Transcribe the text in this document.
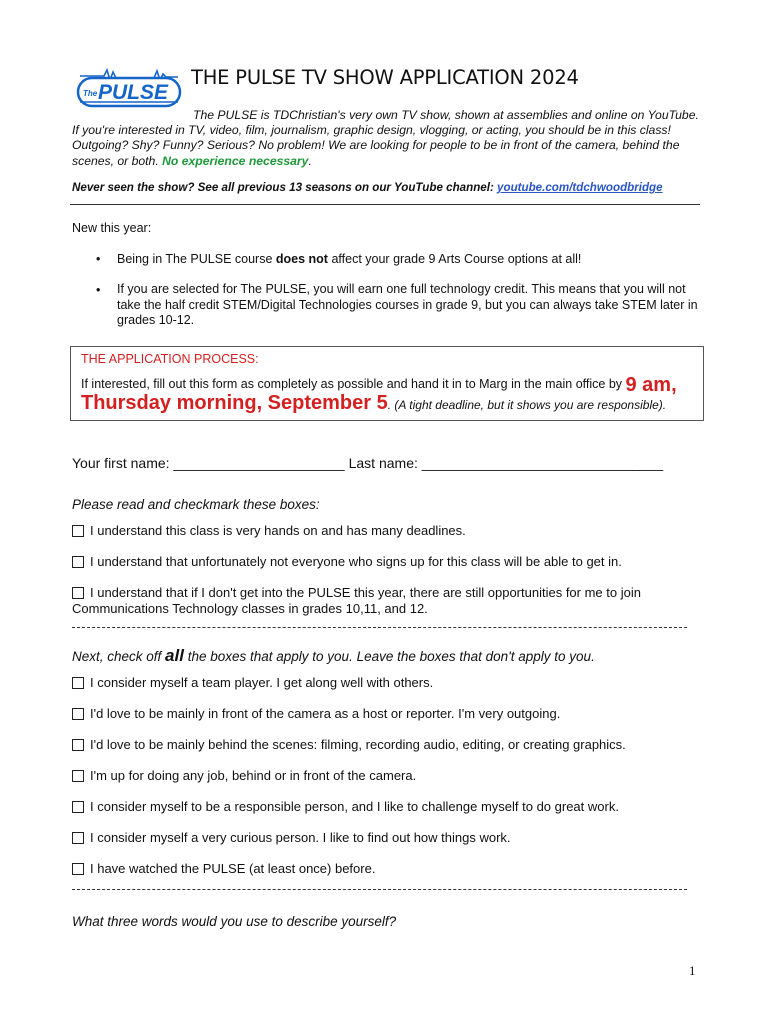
The PULSE
THE PULSE TV SHOW APPLICATION 2024
The PULSE is TDChristian's very own TV show, shown at assemblies and online on YouTube. If you're interested in TV, video, film, journalism, graphic design, vlogging, or acting, you should be in this class! Outgoing? Shy? Funny? Serious? No problem! We are looking for people to be in front of the camera, behind the scenes, or both. No experience necessary.
Never seen the show? See all previous 13 seasons on our YouTube channel: youtube.com/tdchwoodbridge
New this year:
• Being in The PULSE course does not affect your grade 9 Arts Course options at all!
• If you are selected for The PULSE, you will earn one full technology credit. This means that you will not take the half credit STEM/Digital Technologies courses in grade 9, but you can always take STEM later in grades 10-12.
THE APPLICATION PROCESS:
If interested, fill out this form as completely as possible and hand it in to Marg in the main office by 9 am,
Thursday morning, September 5. (A tight deadline, but it shows you are responsible).
Your first name: ______________________ Last name: _______________________________
Please read and checkmark these boxes:
I understand this class is very hands on and has many deadlines.
I understand that unfortunately not everyone who signs up for this class will be able to get in.
I understand that if I don't get into the PULSE this year, there are still opportunities for me to join Communications Technology classes in grades 10,11, and 12.
Next, check off all the boxes that apply to you. Leave the boxes that don't apply to you.
I consider myself a team player. I get along well with others.
I'd love to be mainly in front of the camera as a host or reporter. I'm very outgoing.
I'd love to be mainly behind the scenes: filming, recording audio, editing, or creating graphics.
I'm up for doing any job, behind or in front of the camera.
I consider myself to be a responsible person, and I like to challenge myself to do great work.
I consider myself a very curious person. I like to find out how things work.
I have watched the PULSE (at least once) before.
What three words would you use to describe yourself?
1
